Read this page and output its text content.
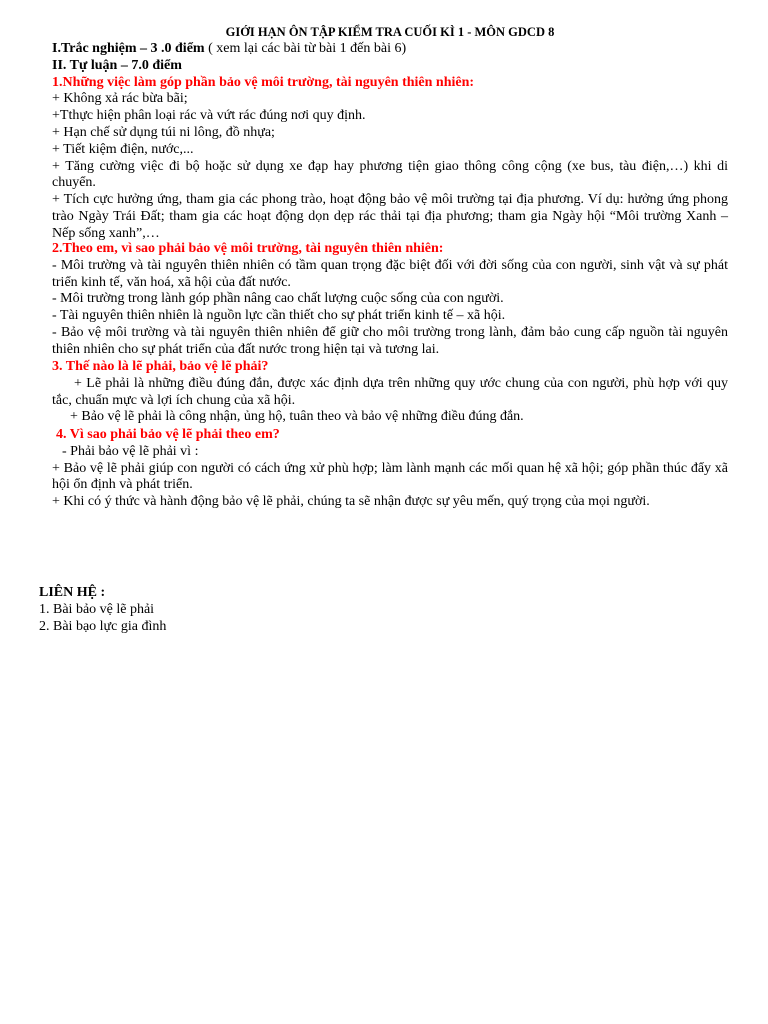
GIỚI HẠN ÔN TẬP KIỂM TRA CUỐI KÌ 1 - MÔN GDCD 8
I.Trắc nghiệm – 3 .0 điểm ( xem lại các bài từ bài 1 đến bài 6)
II. Tự luận – 7.0 điểm
1.Những việc làm góp phần bảo vệ môi trường, tài nguyên thiên nhiên:
+ Không xả rác bừa bãi;
+Tthực hiện phân loại rác và vứt rác đúng nơi quy định.
+ Hạn chế sử dụng túi ni lông, đồ nhựa;
+ Tiết kiệm điện, nước,...
+ Tăng cường việc đi bộ hoặc sử dụng xe đạp hay phương tiện giao thông công cộng (xe bus, tàu điện,…) khi di chuyển.
+ Tích cực hưởng ứng, tham gia các phong trào, hoạt động bảo vệ môi trường tại địa phương. Ví dụ: hưởng ứng phong trào Ngày Trái Đất; tham gia các hoạt động dọn dẹp rác thải tại địa phương; tham gia Ngày hội “Môi trường Xanh – Nếp sống xanh”,…
2.Theo em, vì sao phải bảo vệ môi trường, tài nguyên thiên nhiên:
- Môi trường và tài nguyên thiên nhiên có tầm quan trọng đặc biệt đối với đời sống của con người, sinh vật và sự phát triển kinh tế, văn hoá, xã hội của đất nước.
- Môi trường trong lành góp phần nâng cao chất lượng cuộc sống của con người.
- Tài nguyên thiên nhiên là nguồn lực cần thiết cho sự phát triển kinh tế – xã hội.
- Bảo vệ môi trường và tài nguyên thiên nhiên để giữ cho môi trường trong lành, đảm bảo cung cấp nguồn tài nguyên thiên nhiên cho sự phát triển của đất nước trong hiện tại và tương lai.
3. Thế nào là lẽ phải, bảo vệ lẽ phải?
+ Lẽ phải là những điều đúng đắn, được xác định dựa trên những quy ước chung của con người, phù hợp với quy tắc, chuẩn mực và lợi ích chung của xã hội.
+ Bảo vệ lẽ phải là công nhận, ủng hộ, tuân theo và bảo vệ những điều đúng đắn.
4. Vì sao phải bảo vệ lẽ phải theo em?
- Phải bảo vệ lẽ phải vì :
+ Bảo vệ lẽ phải giúp con người có cách ứng xử phù hợp; làm lành mạnh các mối quan hệ xã hội; góp phần thúc đẩy xã hội ổn định và phát triển.
+ Khi có ý thức và hành động bảo vệ lẽ phải, chúng ta sẽ nhận được sự yêu mến, quý trọng của mọi người.
LIÊN HỆ :
1. Bài bảo vệ lẽ phải
2. Bài bạo lực gia đình
